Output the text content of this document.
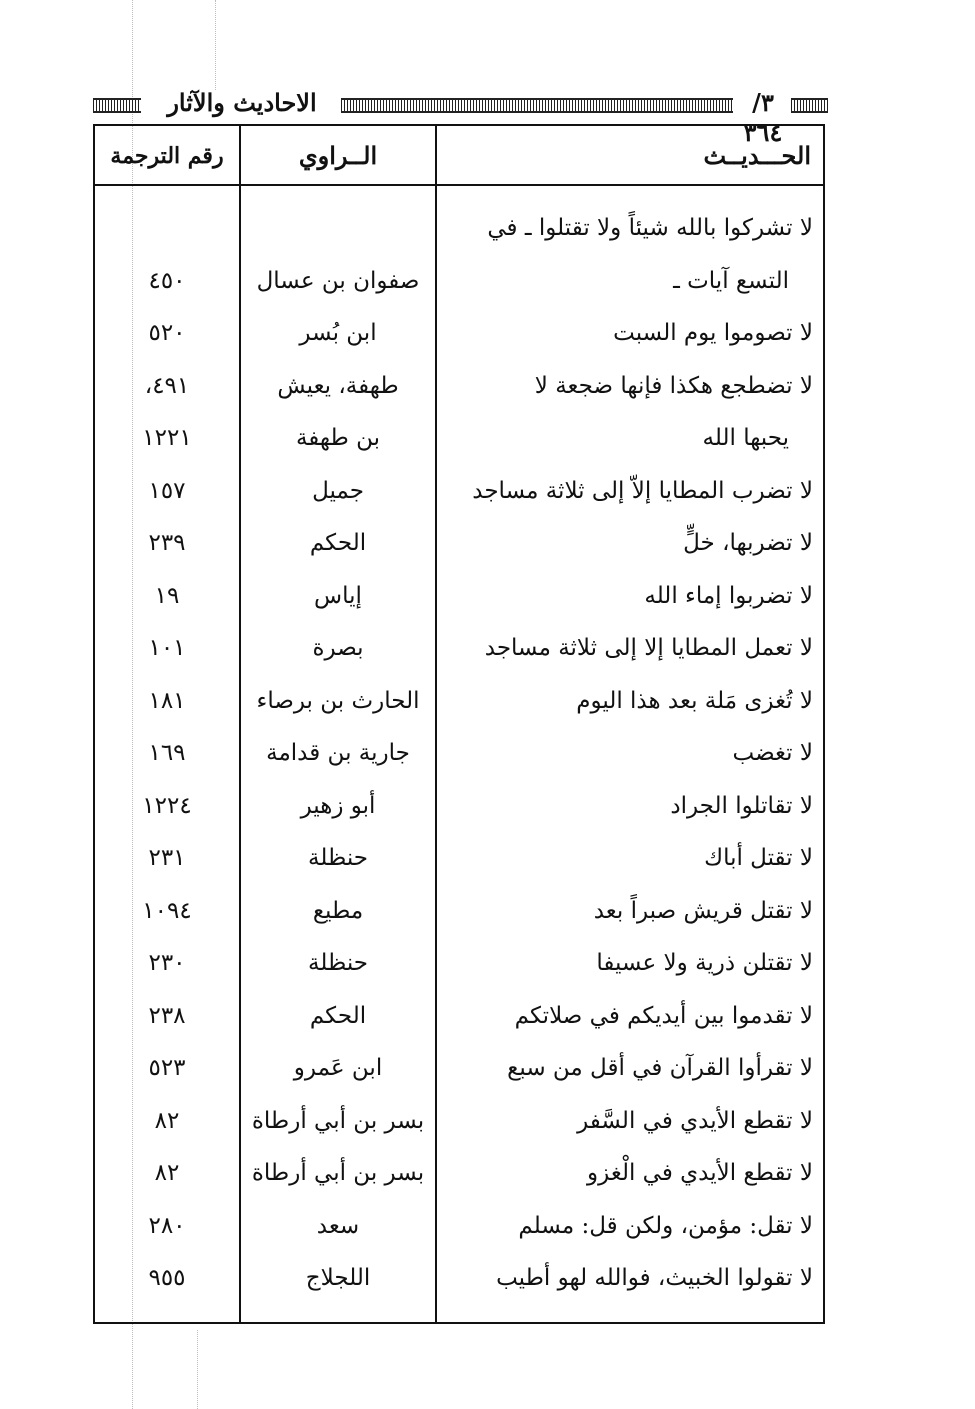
الاحاديث والآثار	٣/ ٣٦٤
الحـــديــث
الــراوي
رقم الترجمة
لا تشركوا بالله شيئاً ولا تقتلوا ـ في
التسع آيات ـ
صفوان بن عسال
٤٥٠
لا تصوموا يوم السبت
ابن بُسر
٥٢٠
لا تضطجع هكذا فإنها ضجعة لا
يحبها الله
طهفة، يعيش
بن طهفة
٤٩١،
١٢٢١
لا تضرب المطايا إلاّ إلى ثلاثة مساجد
جميل
١٥٧
لا تضربها، خلٍّ
الحكم
٢٣٩
لا تضربوا إماء الله
إياس
١٩
لا تعمل المطايا إلا إلى ثلاثة مساجد
بصرة
١٠١
لا تُغزى مَلة بعد هذا اليوم
الحارث بن برصاء
١٨١
لا تغضب
جارية بن قدامة
١٦٩
لا تقاتلوا الجراد
أبو زهير
١٢٢٤
لا تقتل أباك
حنظلة
٢٣١
لا تقتل قريش صبراً بعد
مطيع
١٠٩٤
لا تقتلن ذرية ولا عسيفا
حنظلة
٢٣٠
لا تقدموا بين أيديكم في صلاتكم
الحكم
٢٣٨
لا تقرأوا القرآن في أقل من سبع
ابن عَمرو
٥٢٣
لا تقطع الأيدي في السَّفر
بسر بن أبي أرطاة
٨٢
لا تقطع الأيدي في الْغزو
بسر بن أبي أرطاة
٨٢
لا تقل: مؤمن، ولكن قل: مسلم
سعد
٢٨٠
لا تقولوا الخبيث، فوالله لهو أطيب
اللجلاج
٩٥٥
